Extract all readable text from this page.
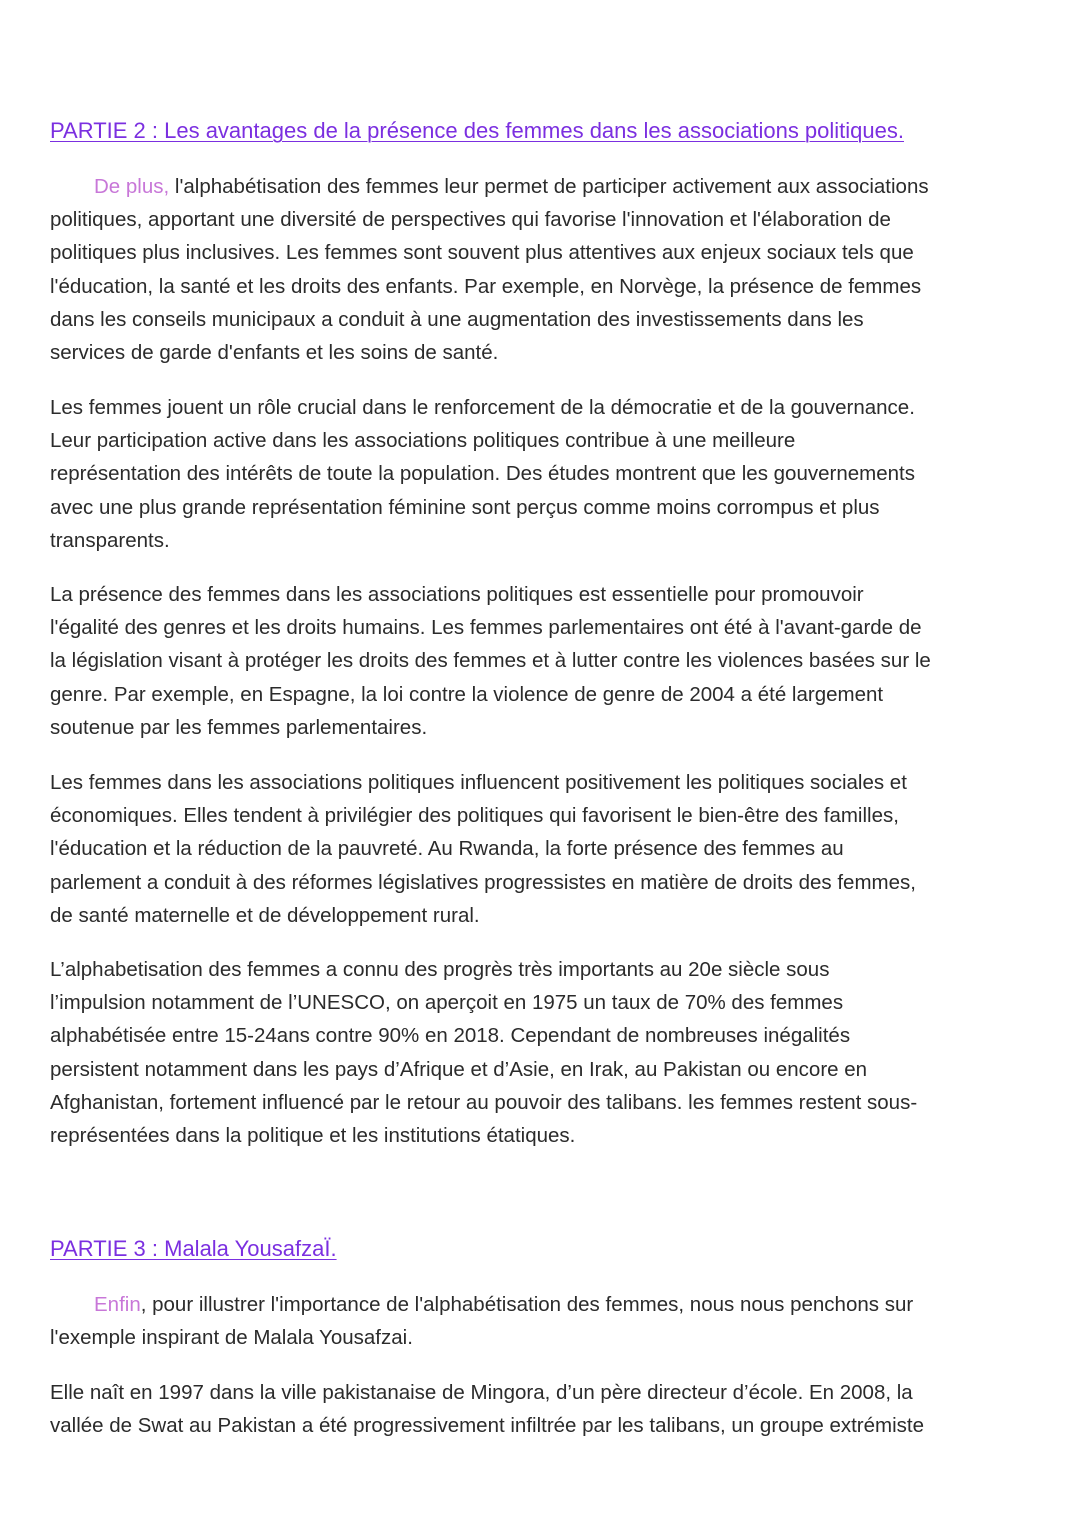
PARTIE 2 : Les avantages de la présence des femmes dans les associations politiques.

De plus, l'alphabétisation des femmes leur permet de participer activement aux associations
politiques, apportant une diversité de perspectives qui favorise l'innovation et l'élaboration de
politiques plus inclusives. Les femmes sont souvent plus attentives aux enjeux sociaux tels que
l'éducation, la santé et les droits des enfants. Par exemple, en Norvège, la présence de femmes
dans les conseils municipaux a conduit à une augmentation des investissements dans les
services de garde d'enfants et les soins de santé.

Les femmes jouent un rôle crucial dans le renforcement de la démocratie et de la gouvernance.
Leur participation active dans les associations politiques contribue à une meilleure
représentation des intérêts de toute la population. Des études montrent que les gouvernements
avec une plus grande représentation féminine sont perçus comme moins corrompus et plus
transparents.

La présence des femmes dans les associations politiques est essentielle pour promouvoir
l'égalité des genres et les droits humains. Les femmes parlementaires ont été à l'avant-garde de
la législation visant à protéger les droits des femmes et à lutter contre les violences basées sur le
genre. Par exemple, en Espagne, la loi contre la violence de genre de 2004 a été largement
soutenue par les femmes parlementaires.

Les femmes dans les associations politiques influencent positivement les politiques sociales et
économiques. Elles tendent à privilégier des politiques qui favorisent le bien-être des familles,
l'éducation et la réduction de la pauvreté. Au Rwanda, la forte présence des femmes au
parlement a conduit à des réformes législatives progressistes en matière de droits des femmes,
de santé maternelle et de développement rural.

L’alphabetisation des femmes a connu des progrès très importants au 20e siècle sous
l’impulsion notamment de l’UNESCO, on aperçoit en 1975 un taux de 70% des femmes
alphabétisée entre 15-24ans contre 90% en 2018. Cependant de nombreuses inégalités
persistent notamment dans les pays d’Afrique et d’Asie, en Irak, au Pakistan ou encore en
Afghanistan, fortement influencé par le retour au pouvoir des talibans. les femmes restent sous-
représentées dans la politique et les institutions étatiques.

PARTIE 3 : Malala YousafzaÏ.

Enfin, pour illustrer l'importance de l'alphabétisation des femmes, nous nous penchons sur
l'exemple inspirant de Malala Yousafzai.

Elle naît en 1997 dans la ville pakistanaise de Mingora, d’un père directeur d’école. En 2008, la
vallée de Swat au Pakistan a été progressivement infiltrée par les talibans, un groupe extrémiste
